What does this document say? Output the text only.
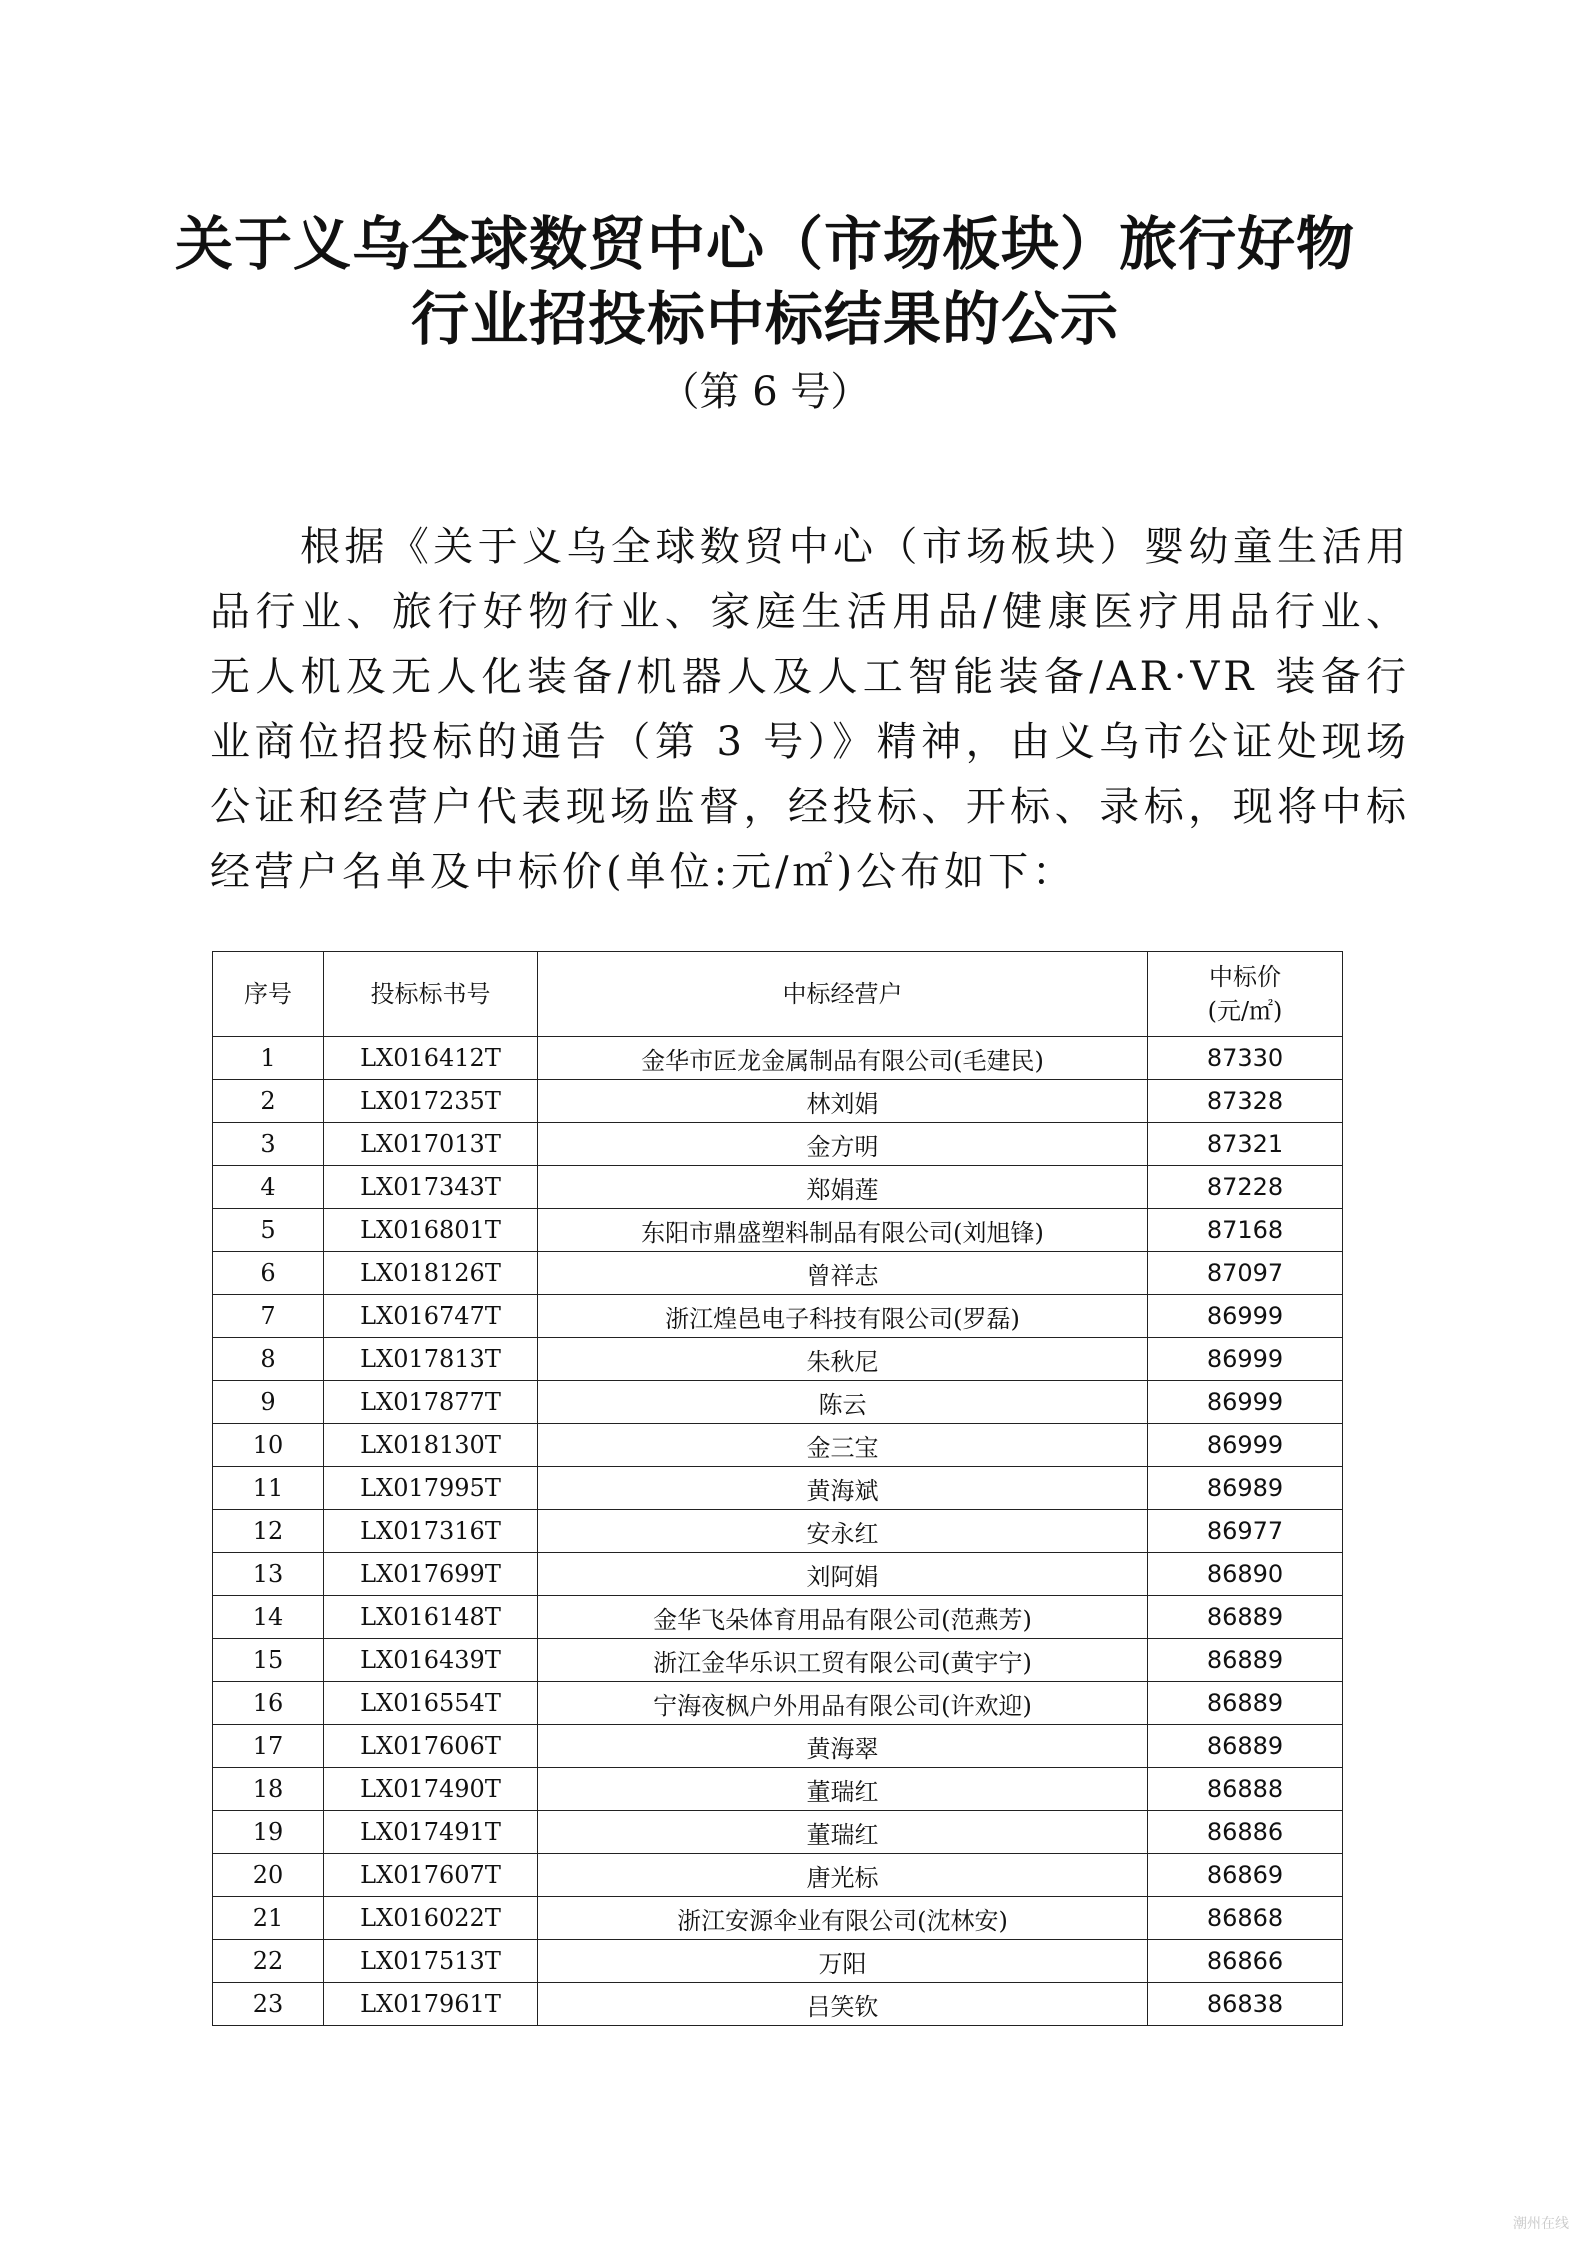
关于义乌全球数贸中心（市场板块）旅行好物
行业招投标中标结果的公示

（第 6 号）

根据《关于义乌全球数贸中心（市场板块）婴幼童生活用品行业、旅行好物行业、家庭生活用品/健康医疗用品行业、无人机及无人化装备/机器人及人工智能装备/AR·VR 装备行业商位招投标的通告（第 3 号）》精神，由义乌市公证处现场公证和经营户代表现场监督，经投标、开标、录标，现将中标经营户名单及中标价(单位:元/㎡)公布如下：

序号	投标标书号	中标经营户	中标价
(元/㎡)

1	LX016412T	金华市匠龙金属制品有限公司(毛建民)	87330
2	LX017235T	林刘娟	87328
3	LX017013T	金方明	87321
4	LX017343T	郑娟莲	87228
5	LX016801T	东阳市鼎盛塑料制品有限公司(刘旭锋)	87168
6	LX018126T	曾祥志	87097
7	LX016747T	浙江煌邑电子科技有限公司(罗磊)	86999
8	LX017813T	朱秋尼	86999
9	LX017877T	陈云	86999
10	LX018130T	金三宝	86999
11	LX017995T	黄海斌	86989
12	LX017316T	安永红	86977
13	LX017699T	刘阿娟	86890
14	LX016148T	金华飞朵体育用品有限公司(范燕芳)	86889
15	LX016439T	浙江金华乐识工贸有限公司(黄宇宁)	86889
16	LX016554T	宁海夜枫户外用品有限公司(许欢迎)	86889
17	LX017606T	黄海翠	86889
18	LX017490T	董瑞红	86888
19	LX017491T	董瑞红	86886
20	LX017607T	唐光标	86869
21	LX016022T	浙江安源伞业有限公司(沈林安)	86868
22	LX017513T	万阳	86866
23	LX017961T	吕笑钦	86838
潮州在线
